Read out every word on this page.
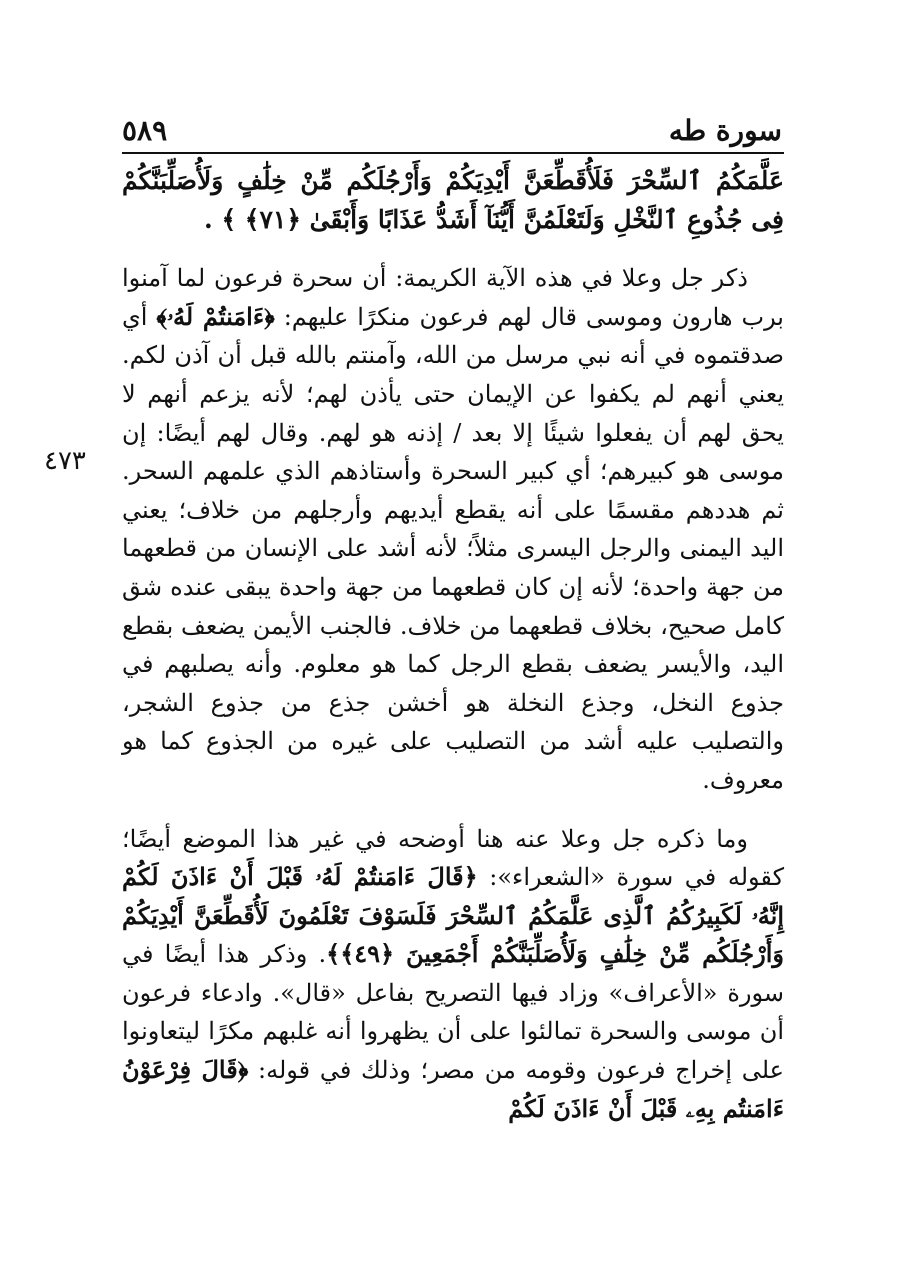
سورة طه
٥٨٩
٤٧٣

عَلَّمَكُمُ ٱلسِّحْرَ فَلَأُقَطِّعَنَّ أَيْدِيَكُمْ وَأَرْجُلَكُم مِّنْ خِلَٰفٍ وَلَأُصَلِّبَنَّكُمْ فِى جُذُوعِ ٱلنَّخْلِ وَلَتَعْلَمُنَّ أَيُّنَآ أَشَدُّ عَذَابًا وَأَبْقَىٰ ﴿٧١﴾ ﴾ .

ذكر جل وعلا في هذه الآية الكريمة: أن سحرة فرعون لما آمنوا برب هارون وموسى قال لهم فرعون منكرًا عليهم: ﴿ءَامَنتُمْ لَهُۥ﴾ أي صدقتموه في أنه نبي مرسل من الله، وآمنتم بالله قبل أن آذن لكم. يعني أنهم لم يكفوا عن الإيمان حتى يأذن لهم؛ لأنه يزعم أنهم لا يحق لهم أن يفعلوا شيئًا إلا بعد / إذنه هو لهم. وقال لهم أيضًا: إن موسى هو كبيرهم؛ أي كبير السحرة وأستاذهم الذي علمهم السحر. ثم هددهم مقسمًا على أنه يقطع أيديهم وأرجلهم من خلاف؛ يعني اليد اليمنى والرجل اليسرى مثلاً؛ لأنه أشد على الإنسان من قطعهما من جهة واحدة؛ لأنه إن كان قطعهما من جهة واحدة يبقى عنده شق كامل صحيح، بخلاف قطعهما من خلاف. فالجنب الأيمن يضعف بقطع اليد، والأيسر يضعف بقطع الرجل كما هو معلوم. وأنه يصلبهم في جذوع النخل، وجذع النخلة هو أخشن جذع من جذوع الشجر، والتصليب عليه أشد من التصليب على غيره من الجذوع كما هو معروف.

وما ذكره جل وعلا عنه هنا أوضحه في غير هذا الموضع أيضًا؛ كقوله في سورة «الشعراء»: ﴿قَالَ ءَامَنتُمْ لَهُۥ قَبْلَ أَنْ ءَاذَنَ لَكُمْ إِنَّهُۥ لَكَبِيرُكُمُ ٱلَّذِى عَلَّمَكُمُ ٱلسِّحْرَ فَلَسَوْفَ تَعْلَمُونَ لَأُقَطِّعَنَّ أَيْدِيَكُمْ وَأَرْجُلَكُم مِّنْ خِلَٰفٍ وَلَأُصَلِّبَنَّكُمْ أَجْمَعِينَ ﴿٤٩﴾﴾. وذكر هذا أيضًا في سورة «الأعراف» وزاد فيها التصريح بفاعل «قال». وادعاء فرعون أن موسى والسحرة تمالئوا على أن يظهروا أنه غلبهم مكرًا ليتعاونوا على إخراج فرعون وقومه من مصر؛ وذلك في قوله: ﴿قَالَ فِرْعَوْنُ ءَامَنتُم بِهِۦ قَبْلَ أَنْ ءَاذَنَ لَكُمْ
